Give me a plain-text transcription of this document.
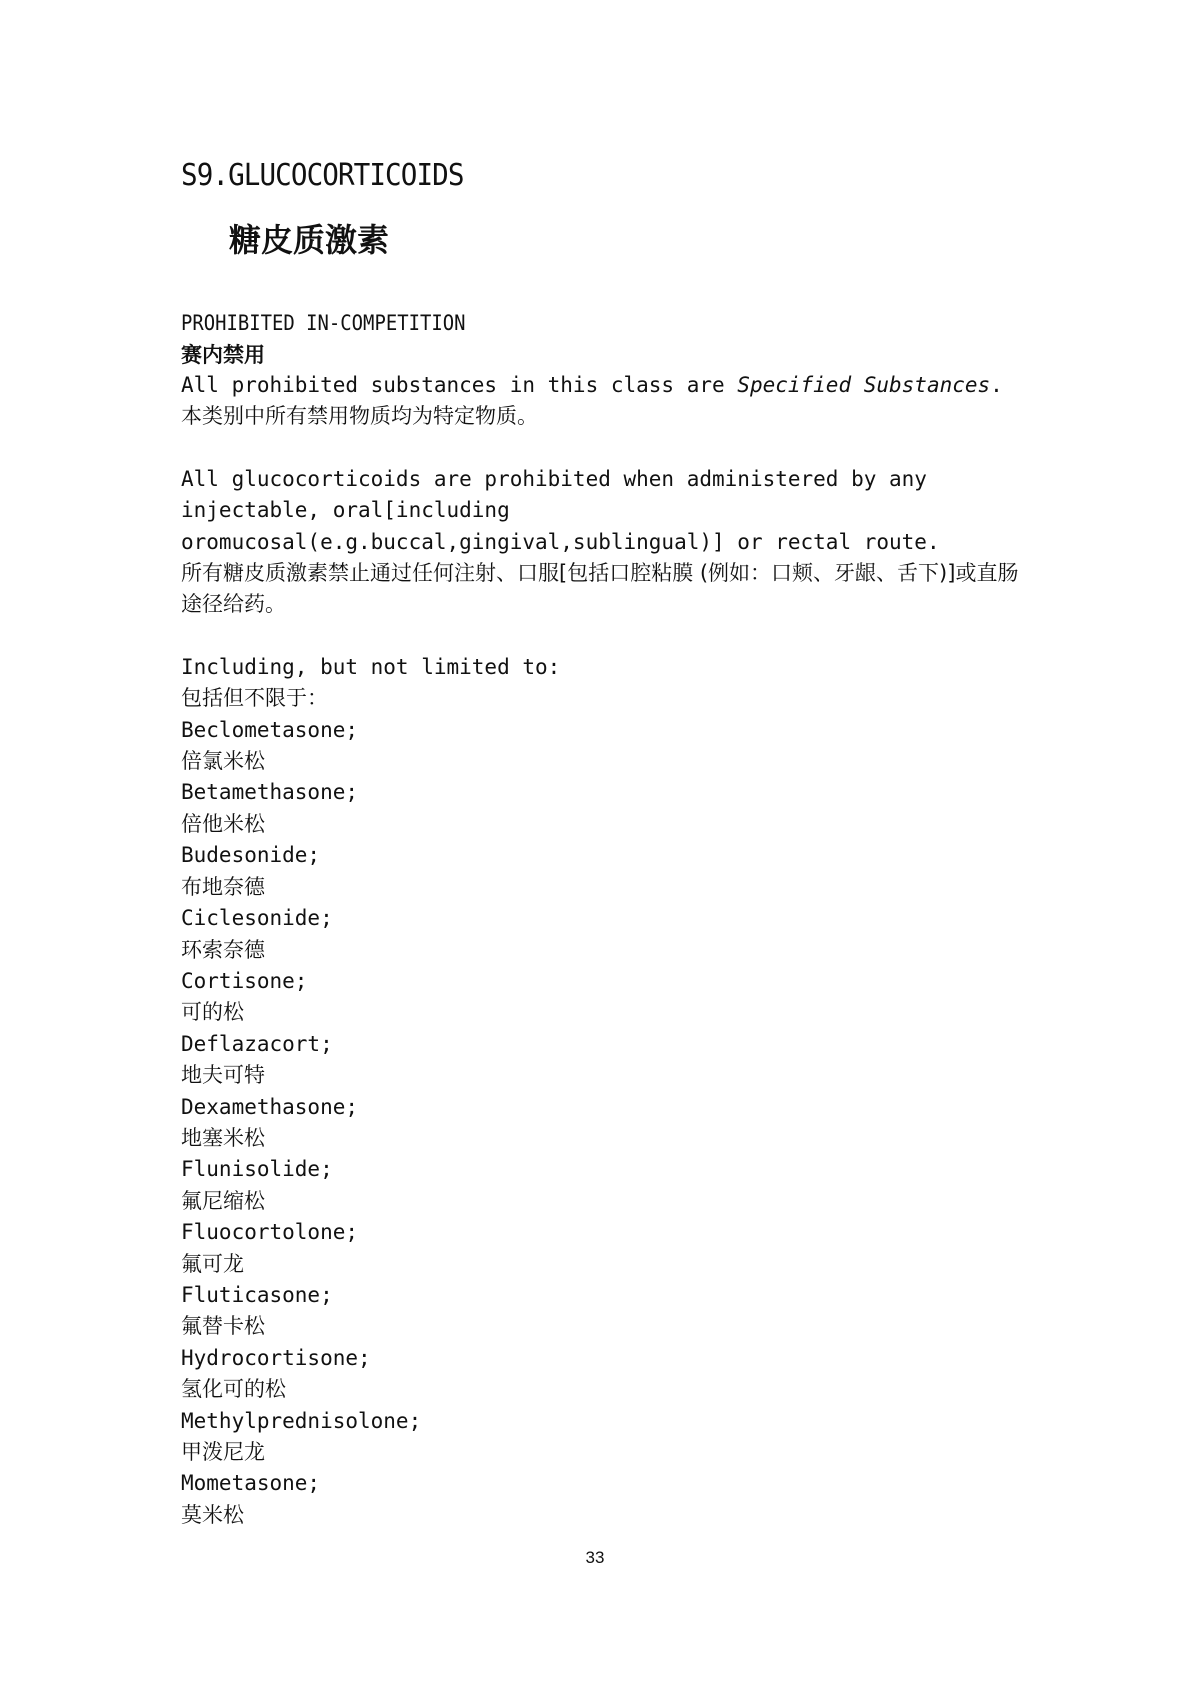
S9.GLUCOCORTICOIDS
糖皮质激素
PROHIBITED IN-COMPETITION
赛内禁用
All prohibited substances in this class are Specified Substances.
本类别中所有禁用物质均为特定物质。
All glucocorticoids are prohibited when administered by any injectable, oral[including oromucosal(e.g.buccal,gingival,sublingual)] or rectal route.
所有糖皮质激素禁止通过任何注射、口服[包括口腔粘膜 (例如：口颊、牙龈、舌下)]或直肠途径给药。
Including, but not limited to:
包括但不限于：
Beclometasone;
倍氯米松
Betamethasone;
倍他米松
Budesonide;
布地奈德
Ciclesonide;
环索奈德
Cortisone;
可的松
Deflazacort;
地夫可特
Dexamethasone;
地塞米松
Flunisolide;
氟尼缩松
Fluocortolone;
氟可龙
Fluticasone;
氟替卡松
Hydrocortisone;
氢化可的松
Methylprednisolone;
甲泼尼龙
Mometasone;
莫米松
33
